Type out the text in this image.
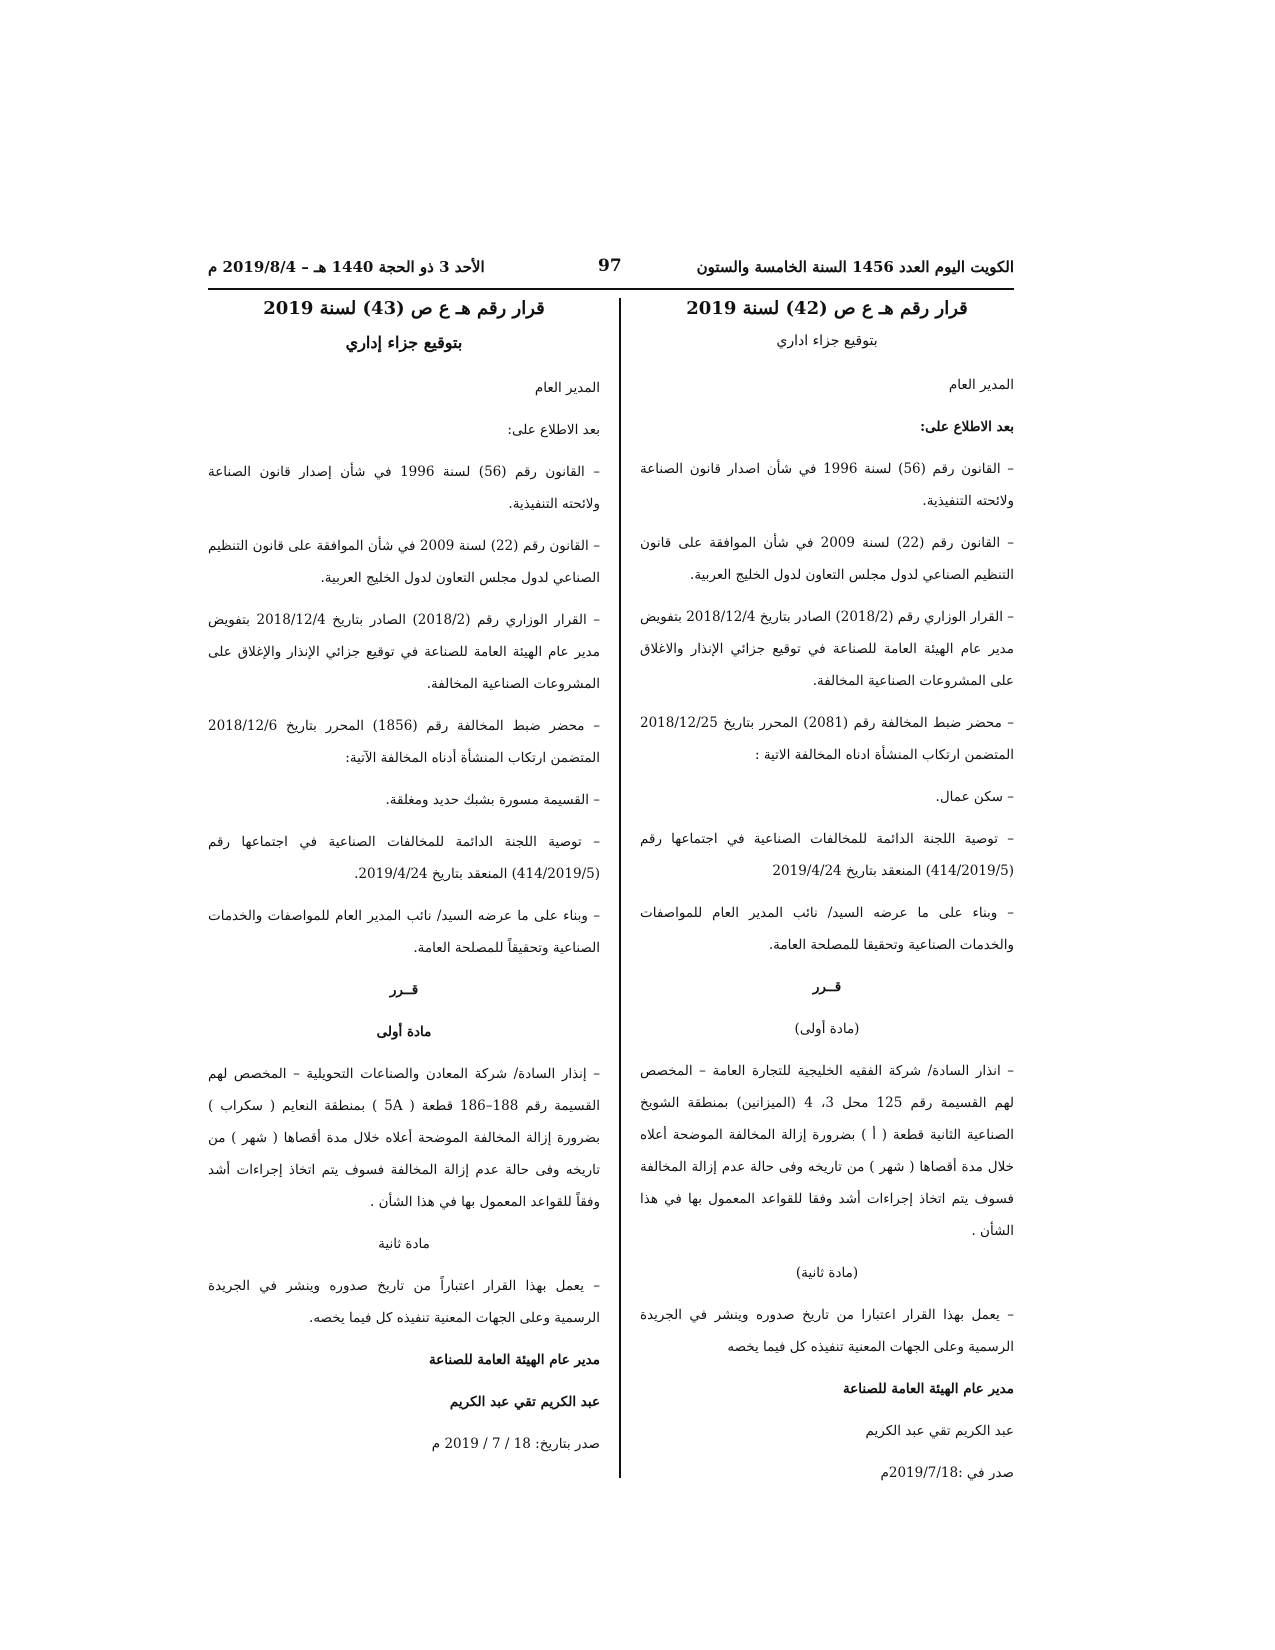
الكويت اليوم العدد 1456 السنة الخامسة والستون
97
الأحد 3 ذو الحجة 1440 هـ – 2019/8/4 م
قرار رقم هـ ع ص (42) لسنة 2019
بتوقيع جزاء اداري

المدير العام

بعد الاطلاع على:

– القانون رقم (56) لسنة 1996 في شأن اصدار قانون الصناعة ولائحته التنفيذية.

– القانون رقم (22) لسنة 2009 في شأن الموافقة على قانون التنظيم الصناعي لدول مجلس التعاون لدول الخليج العربية.

– القرار الوزاري رقم (2018/2) الصادر بتاريخ 2018/12/4 بتفويض مدير عام الهيئة العامة للصناعة في توقيع جزائي الإنذار والاغلاق على المشروعات الصناعية المخالفة.

– محضر ضبط المخالفة رقم (2081) المحرر بتاريخ 2018/12/25 المتضمن ارتكاب المنشأة ادناه المخالفة الاتية :

– سكن عمال.

– توصية اللجنة الدائمة للمخالفات الصناعية في اجتماعها رقم (414/2019/5) المنعقد بتاريخ 2019/4/24

– وبناء على ما عرضه السيد/ نائب المدير العام للمواصفات والخدمات الصناعية وتحقيقا للمصلحة العامة.

قــرر

(مادة أولى)

– انذار السادة/ شركة الفقيه الخليجية للتجارة العامة – المخصص لهم القسيمة رقم 125 محل 3، 4 (الميزانين) بمنطقة الشويخ الصناعية الثانية قطعة ( أ ) بضرورة إزالة المخالفة الموضحة أعلاه خلال مدة أقصاها ( شهر ) من تاريخه وفى حالة عدم إزالة المخالفة فسوف يتم اتخاذ إجراءات أشد وفقا للقواعد المعمول بها في هذا الشأن .

(مادة ثانية)

– يعمل بهذا القرار اعتبارا من تاريخ صدوره وينشر في الجريدة الرسمية وعلى الجهات المعنية تنفيذه كل فيما يخصه

مدير عام الهيئة العامة للصناعة

عبد الكريم تقي عبد الكريم

صدر في :2019/7/18م

قرار رقم هـ ع ص (43) لسنة 2019
بتوقيع جزاء إداري

المدير العام

بعد الاطلاع على:

– القانون رقم (56) لسنة 1996 في شأن إصدار قانون الصناعة ولائحته التنفيذية.

– القانون رقم (22) لسنة 2009 في شأن الموافقة على قانون التنظيم الصناعي لدول مجلس التعاون لدول الخليج العربية.

– القرار الوزاري رقم (2018/2) الصادر بتاريخ 2018/12/4 بتفويض مدير عام الهيئة العامة للصناعة في توقيع جزائي الإنذار والإغلاق على المشروعات الصناعية المخالفة.

– محضر ضبط المخالفة رقم (1856) المحرر بتاريخ 2018/12/6 المتضمن ارتكاب المنشأة أدناه المخالفة الآتية:

– القسيمة مسورة بشبك حديد ومغلقة.

– توصية اللجنة الدائمة للمخالفات الصناعية في اجتماعها رقم (414/2019/5) المنعقد بتاريخ 2019/4/24.

– وبناء على ما عرضه السيد/ نائب المدير العام للمواصفات والخدمات الصناعية وتحقيقاً للمصلحة العامة.

قــرر

مادة أولى

– إنذار السادة/ شركة المعادن والصناعات التحويلية – المخصص لهم القسيمة رقم 188–186 قطعة ( 5A ) بمنطقة النعايم ( سكراب ) بضرورة إزالة المخالفة الموضحة أعلاه خلال مدة أقصاها ( شهر ) من تاريخه وفى حالة عدم إزالة المخالفة فسوف يتم اتخاذ إجراءات أشد وفقاً للقواعد المعمول بها في هذا الشأن .

مادة ثانية

– يعمل بهذا القرار اعتباراً من تاريخ صدوره وينشر في الجريدة الرسمية وعلى الجهات المعنية تنفيذه كل فيما يخصه.

مدير عام الهيئة العامة للصناعة

عبد الكريم تقي عبد الكريم

صدر بتاريخ: 18 / 7 / 2019 م
